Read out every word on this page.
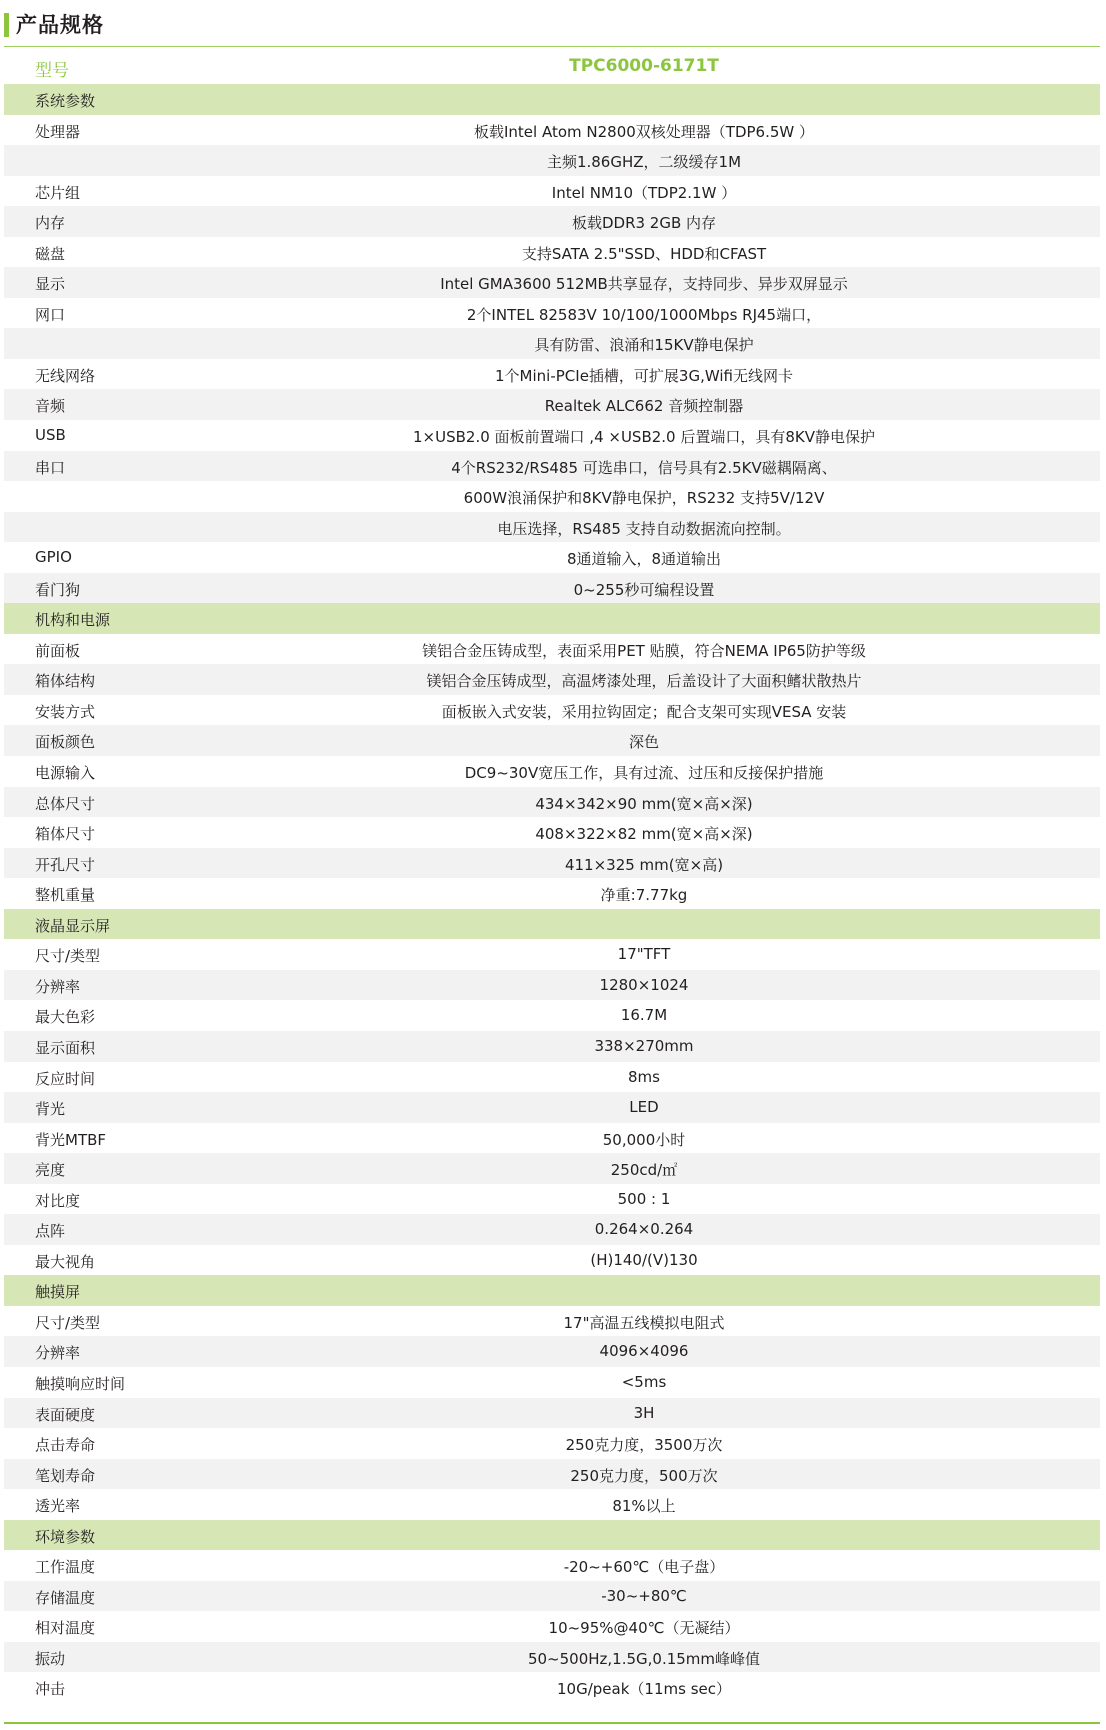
产品规格
型号	TPC6000-6171T
系统参数
处理器	板载Intel Atom N2800双核处理器（TDP6.5W ）
主频1.86GHZ，二级缓存1M
芯片组	Intel NM10（TDP2.1W ）
内存	板载DDR3 2GB 内存
磁盘	支持SATA 2.5"SSD、HDD和CFAST
显示	Intel GMA3600 512MB共享显存，支持同步、异步双屏显示
网口	2个INTEL 82583V 10/100/1000Mbps RJ45端口，
具有防雷、浪涌和15KV静电保护
无线网络	1个Mini-PCIe插槽，可扩展3G,Wifi无线网卡
音频	Realtek ALC662 音频控制器
USB	1×USB2.0 面板前置端口 ,4 ×USB2.0 后置端口，具有8KV静电保护
串口	4个RS232/RS485 可选串口，信号具有2.5KV磁耦隔离、
600W浪涌保护和8KV静电保护，RS232 支持5V/12V
电压选择，RS485 支持自动数据流向控制。
GPIO	8通道输入，8通道输出
看门狗	0~255秒可编程设置
机构和电源
前面板	镁铝合金压铸成型，表面采用PET 贴膜，符合NEMA IP65防护等级
箱体结构	镁铝合金压铸成型，高温烤漆处理，后盖设计了大面积鳍状散热片
安装方式	面板嵌入式安装，采用拉钩固定；配合支架可实现VESA 安装
面板颜色	深色
电源输入	DC9~30V宽压工作，具有过流、过压和反接保护措施
总体尺寸	434×342×90 mm(宽×高×深)
箱体尺寸	408×322×82 mm(宽×高×深)
开孔尺寸	411×325 mm(宽×高)
整机重量	净重:7.77kg
液晶显示屏
尺寸/类型	17"TFT
分辨率	1280×1024
最大色彩	16.7M
显示面积	338×270mm
反应时间	8ms
背光	LED
背光MTBF	50,000小时
亮度	250cd/㎡
对比度	500 : 1
点阵	0.264×0.264
最大视角	(H)140/(V)130
触摸屏
尺寸/类型	17"高温五线模拟电阻式
分辨率	4096×4096
触摸响应时间	<5ms
表面硬度	3H
点击寿命	250克力度，3500万次
笔划寿命	250克力度，500万次
透光率	81%以上
环境参数
工作温度	-20~+60℃（电子盘）
存储温度	-30~+80℃
相对温度	10~95%@40℃（无凝结）
振动	50~500Hz,1.5G,0.15mm峰峰值
冲击	10G/peak（11ms sec）
